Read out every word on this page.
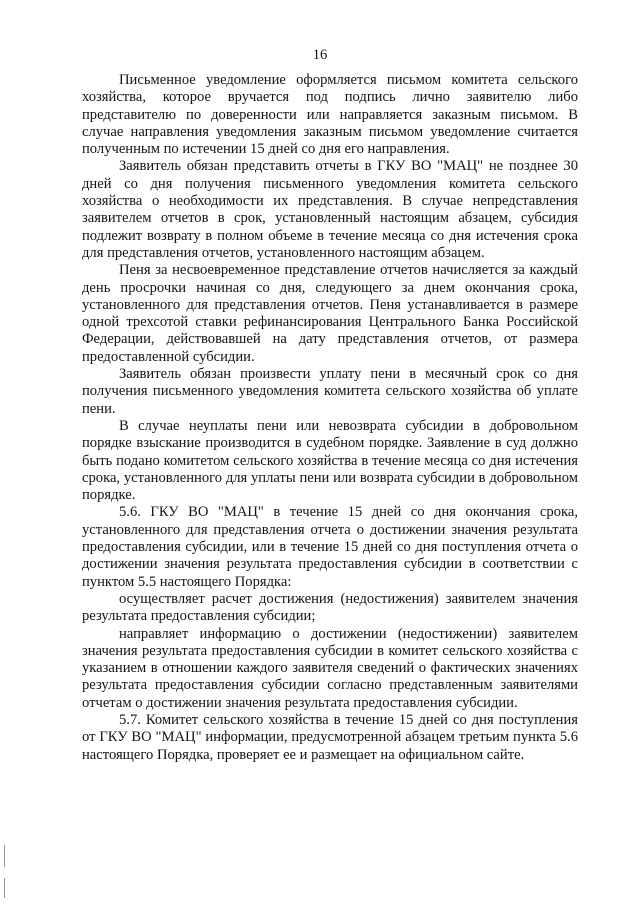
16

Письменное уведомление оформляется письмом комитета сельского хозяйства, которое вручается под подпись лично заявителю либо представителю по доверенности или направляется заказным письмом. В случае направления уведомления заказным письмом уведомление считается полученным по истечении 15 дней со дня его направления.

Заявитель обязан представить отчеты в ГКУ ВО "МАЦ" не позднее 30 дней со дня получения письменного уведомления комитета сельского хозяйства о необходимости их представления. В случае непредставления заявителем отчетов в срок, установленный настоящим абзацем, субсидия подлежит возврату в полном объеме в течение месяца со дня истечения срока для представления отчетов, установленного настоящим абзацем.

Пеня за несвоевременное представление отчетов начисляется за каждый день просрочки начиная со дня, следующего за днем окончания срока, установленного для представления отчетов. Пеня устанавливается в размере одной трехсотой ставки рефинансирования Центрального Банка Российской Федерации, действовавшей на дату представления отчетов, от размера предоставленной субсидии.

Заявитель обязан произвести уплату пени в месячный срок со дня получения письменного уведомления комитета сельского хозяйства об уплате пени.

В случае неуплаты пени или невозврата субсидии в добровольном порядке взыскание производится в судебном порядке. Заявление в суд должно быть подано комитетом сельского хозяйства в течение месяца со дня истечения срока, установленного для уплаты пени или возврата субсидии в добровольном порядке.

5.6. ГКУ ВО "МАЦ" в течение 15 дней со дня окончания срока, установленного для представления отчета о достижении значения результата предоставления субсидии, или в течение 15 дней со дня поступления отчета о достижении значения результата предоставления субсидии в соответствии с пунктом 5.5 настоящего Порядка:

осуществляет расчет достижения (недостижения) заявителем значения результата предоставления субсидии;

направляет информацию о достижении (недостижении) заявителем значения результата предоставления субсидии в комитет сельского хозяйства с указанием в отношении каждого заявителя сведений о фактических значениях результата предоставления субсидии согласно представленным заявителями отчетам о достижении значения результата предоставления субсидии.

5.7. Комитет сельского хозяйства в течение 15 дней со дня поступления от ГКУ ВО "МАЦ" информации, предусмотренной абзацем третьим пункта 5.6 настоящего Порядка, проверяет ее и размещает на официальном сайте.
